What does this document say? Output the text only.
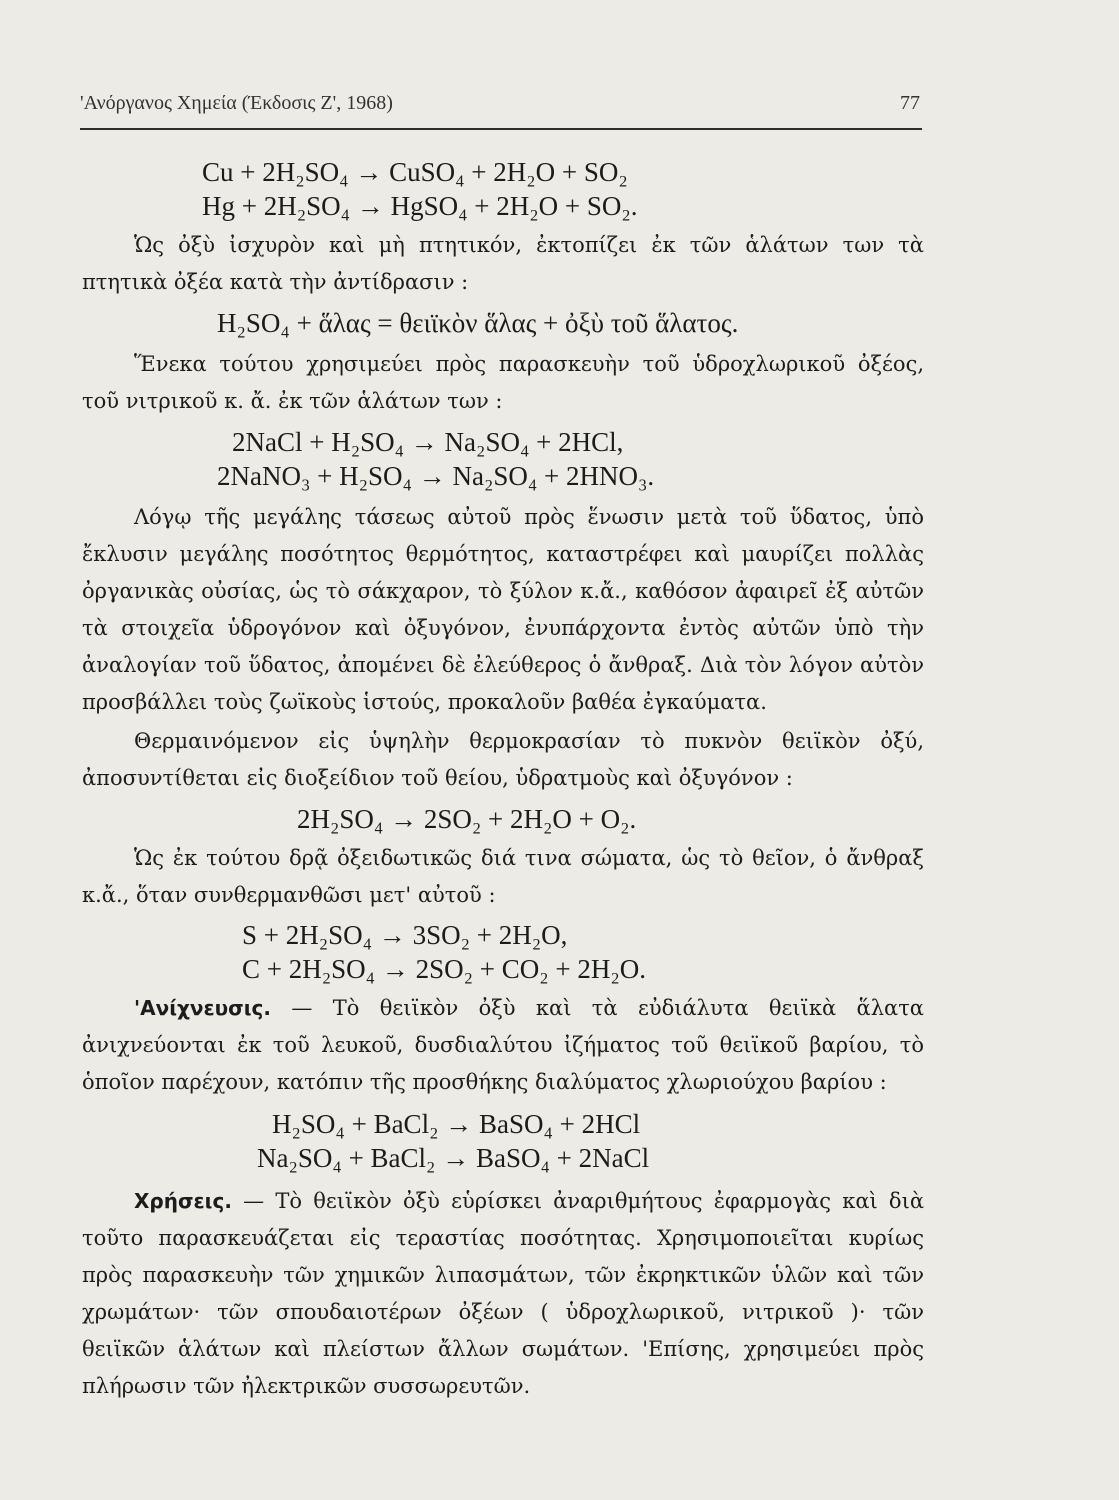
'Ανόργανος Χημεία (Έκδοσις Ζ', 1968)	77

Cu + 2H₂SO₄ → CuSO₄ + 2H₂O + SO₂

Hg + 2H₂SO₄ → HgSO₄ + 2H₂O + SO₂.

Ὡς ὀξὺ ἰσχυρὸν καὶ μὴ πτητικόν, ἐκτοπίζει ἐκ τῶν ἁλάτων των τὰ πτητικὰ ὀξέα κατὰ τὴν ἀντίδρασιν :

H₂SO₄ + ἅλας = θειϊκὸν ἅλας + ὀξὺ τοῦ ἅλατος.

Ἕνεκα τούτου χρησιμεύει πρὸς παρασκευὴν τοῦ ὑδροχλωρικοῦ ὀξέος, τοῦ νιτρικοῦ κ. ἄ. ἐκ τῶν ἁλάτων των :

2NaCl + H₂SO₄ → Na₂SO₄ + 2HCl,

2NaNO₃ + H₂SO₄ → Na₂SO₄ + 2HNO₃.

Λόγῳ τῆς μεγάλης τάσεως αὐτοῦ πρὸς ἕνωσιν μετὰ τοῦ ὕδατος, ὑπὸ ἔκλυσιν μεγάλης ποσότητος θερμότητος, καταστρέφει καὶ μαυρίζει πολλὰς ὀργανικὰς οὐσίας, ὡς τὸ σάκχαρον, τὸ ξύλον κ.ἄ., καθόσον ἀφαιρεῖ ἐξ αὐτῶν τὰ στοιχεῖα ὑδρογόνον καὶ ὀξυγόνον, ἐνυπάρχοντα ἐντὸς αὐτῶν ὑπὸ τὴν ἀναλογίαν τοῦ ὕδατος, ἀπομένει δὲ ἐλεύθερος ὁ ἄνθραξ. Διὰ τὸν λόγον αὐτὸν προσβάλλει τοὺς ζωϊκοὺς ἱστούς, προκαλοῦν βαθέα ἐγκαύματα.

Θερμαινόμενον εἰς ὑψηλὴν θερμοκρασίαν τὸ πυκνὸν θειϊκὸν ὀξύ, ἀποσυντίθεται εἰς διοξείδιον τοῦ θείου, ὑδρατμοὺς καὶ ὀξυγόνον :

2H₂SO₄ → 2SO₂ + 2H₂O + O₂.

Ὡς ἐκ τούτου δρᾷ ὀξειδωτικῶς διά τινα σώματα, ὡς τὸ θεῖον, ὁ ἄνθραξ κ.ἄ., ὅταν συνθερμανθῶσι μετ' αὐτοῦ :

S + 2H₂SO₄ → 3SO₂ + 2H₂O,

C + 2H₂SO₄ → 2SO₂ + CO₂ + 2H₂O.

'Ανίχνευσις. — Τὸ θειϊκὸν ὀξὺ καὶ τὰ εὐδιάλυτα θειϊκὰ ἅλατα ἀνιχνεύονται ἐκ τοῦ λευκοῦ, δυσδιαλύτου ἰζήματος τοῦ θειϊκοῦ βαρίου, τὸ ὁποῖον παρέχουν, κατόπιν τῆς προσθήκης διαλύματος χλωριούχου βαρίου :

H₂SO₄ + BaCl₂ → BaSO₄ + 2HCl

Na₂SO₄ + BaCl₂ → BaSO₄ + 2NaCl

Χρήσεις. — Τὸ θειϊκὸν ὀξὺ εὑρίσκει ἀναριθμήτους ἐφαρμογὰς καὶ διὰ τοῦτο παρασκευάζεται εἰς τεραστίας ποσότητας. Χρησιμοποιεῖται κυρίως πρὸς παρασκευὴν τῶν χημικῶν λιπασμάτων, τῶν ἐκρηκτικῶν ὑλῶν καὶ τῶν χρωμάτων· τῶν σπουδαιοτέρων ὀξέων ( ὑδροχλωρικοῦ, νιτρικοῦ )· τῶν θειϊκῶν ἁλάτων καὶ πλείστων ἄλλων σωμάτων. 'Επίσης, χρησιμεύει πρὸς πλήρωσιν τῶν ἠλεκτρικῶν συσσωρευτῶν.
